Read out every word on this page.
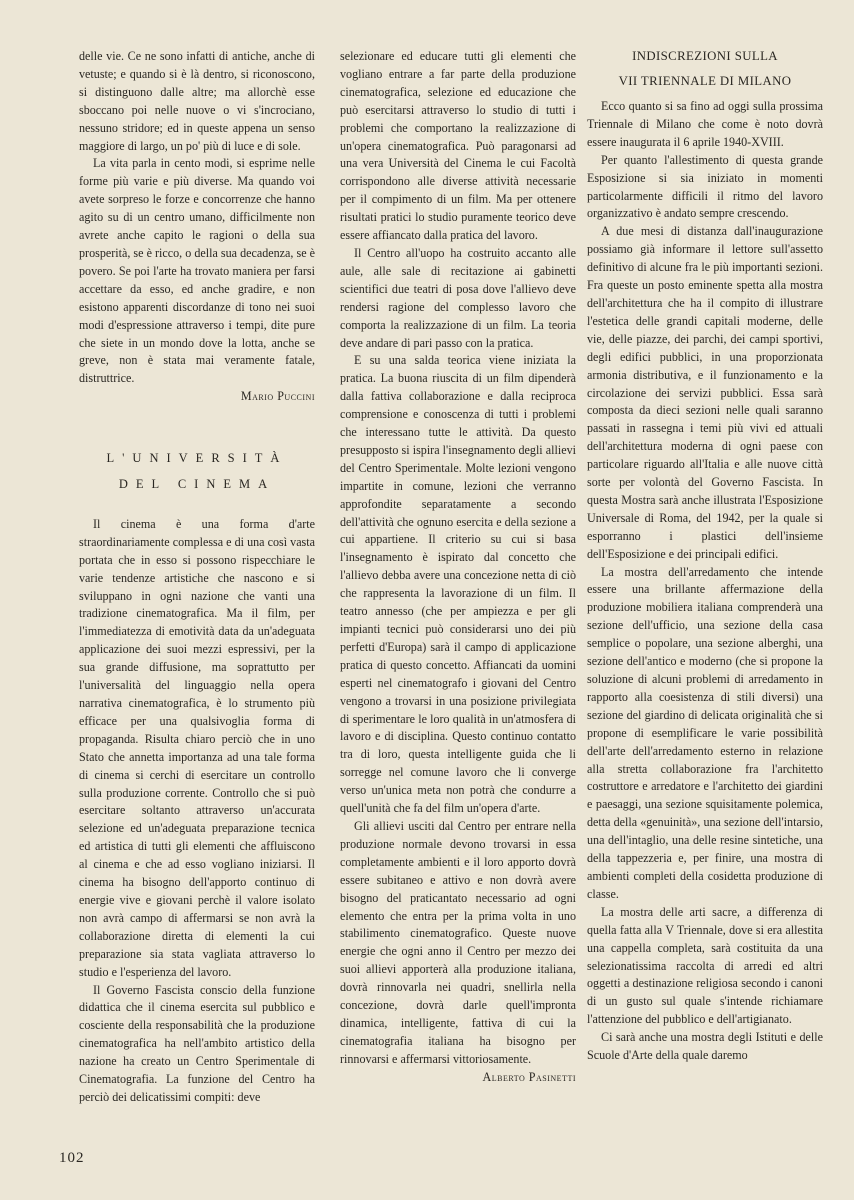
delle vie. Ce ne sono infatti di antiche, anche di vetuste; e quando si è là dentro, si riconoscono, si distinguono dalle altre; ma allorchè esse sboccano poi nelle nuove o vi s'incrociano, nessuno stridore; ed in queste appena un senso maggiore di largo, un po' più di luce e di sole.

La vita parla in cento modi, si esprime nelle forme più varie e più diverse. Ma quando voi avete sorpreso le forze e concorrenze che hanno agito su di un centro umano, difficilmente non avrete anche capito le ragioni o della sua prosperità, se è ricco, o della sua decadenza, se è povero. Se poi l'arte ha trovato maniera per farsi accettare da esso, ed anche gradire, e non esistono apparenti discordanze di tono nei suoi modi d'espressione attraverso i tempi, dite pure che siete in un mondo dove la lotta, anche se greve, non è stata mai veramente fatale, distruttrice.

Mario Puccini

L'UNIVERSITÀ
DEL CINEMA

Il cinema è una forma d'arte straordinariamente complessa e di una così vasta portata che in esso si possono rispecchiare le varie tendenze artistiche che nascono e si sviluppano in ogni nazione che vanti una tradizione cinematografica. Ma il film, per l'immediatezza di emotività data da un'adeguata applicazione dei suoi mezzi espressivi, per la sua grande diffusione, ma soprattutto per l'universalità del linguaggio nella opera narrativa cinematografica, è lo strumento più efficace per una qualsivoglia forma di propaganda. Risulta chiaro perciò che in uno Stato che annetta importanza ad una tale forma di cinema si cerchi di esercitare un controllo sulla produzione corrente. Controllo che si può esercitare soltanto attraverso un'accurata selezione ed un'adeguata preparazione tecnica ed artistica di tutti gli elementi che affluiscono al cinema e che ad esso vogliano iniziarsi. Il cinema ha bisogno dell'apporto continuo di energie vive e giovani perchè il valore isolato non avrà campo di affermarsi se non avrà la collaborazione diretta di elementi la cui preparazione sia stata vagliata attraverso lo studio e l'esperienza del lavoro.

Il Governo Fascista conscio della funzione didattica che il cinema esercita sul pubblico e cosciente della responsabilità che la produzione cinematografica ha nell'ambito artistico della nazione ha creato un Centro Sperimentale di Cinematografia. La funzione del Centro ha perciò dei delicatissimi compiti: deve

selezionare ed educare tutti gli elementi che vogliano entrare a far parte della produzione cinematografica, selezione ed educazione che può esercitarsi attraverso lo studio di tutti i problemi che comportano la realizzazione di un'opera cinematografica. Può paragonarsi ad una vera Università del Cinema le cui Facoltà corrispondono alle diverse attività necessarie per il compimento di un film. Ma per ottenere risultati pratici lo studio puramente teorico deve essere affiancato dalla pratica del lavoro.

Il Centro all'uopo ha costruito accanto alle aule, alle sale di recitazione ai gabinetti scientifici due teatri di posa dove l'allievo deve rendersi ragione del complesso lavoro che comporta la realizzazione di un film. La teoria deve andare di pari passo con la pratica.

E su una salda teorica viene iniziata la pratica. La buona riuscita di un film dipenderà dalla fattiva collaborazione e dalla reciproca comprensione e conoscenza di tutti i problemi che interessano tutte le attività. Da questo presupposto si ispira l'insegnamento degli allievi del Centro Sperimentale. Molte lezioni vengono impartite in comune, lezioni che verranno approfondite separatamente a secondo dell'attività che ognuno esercita e della sezione a cui appartiene. Il criterio su cui si basa l'insegnamento è ispirato dal concetto che l'allievo debba avere una concezione netta di ciò che rappresenta la lavorazione di un film. Il teatro annesso (che per ampiezza e per gli impianti tecnici può considerarsi uno dei più perfetti d'Europa) sarà il campo di applicazione pratica di questo concetto. Affiancati da uomini esperti nel cinematografo i giovani del Centro vengono a trovarsi in una posizione privilegiata di sperimentare le loro qualità in un'atmosfera di lavoro e di disciplina. Questo continuo contatto tra di loro, questa intelligente guida che li sorregge nel comune lavoro che li converge verso un'unica meta non potrà che condurre a quell'unità che fa del film un'opera d'arte.

Gli allievi usciti dal Centro per entrare nella produzione normale devono trovarsi in essa completamente ambienti e il loro apporto dovrà essere subitaneo e attivo e non dovrà avere bisogno del praticantato necessario ad ogni elemento che entra per la prima volta in uno stabilimento cinematografico. Queste nuove energie che ogni anno il Centro per mezzo dei suoi allievi apporterà alla produzione italiana, dovrà rinnovarla nei quadri, snellirla nella concezione, dovrà darle quell'impronta dinamica, intelligente, fattiva di cui la cinematografia italiana ha bisogno per rinnovarsi e affermarsi vittoriosamente.

Alberto Pasinetti

INDISCREZIONI SULLA
VII TRIENNALE DI MILANO

Ecco quanto si sa fino ad oggi sulla prossima Triennale di Milano che come è noto dovrà essere inaugurata il 6 aprile 1940-XVIII.

Per quanto l'allestimento di questa grande Esposizione si sia iniziato in momenti particolarmente difficili il ritmo del lavoro organizzativo è andato sempre crescendo.

A due mesi di distanza dall'inaugurazione possiamo già informare il lettore sull'assetto definitivo di alcune fra le più importanti sezioni. Fra queste un posto eminente spetta alla mostra dell'architettura che ha il compito di illustrare l'estetica delle grandi capitali moderne, delle vie, delle piazze, dei parchi, dei campi sportivi, degli edifici pubblici, in una proporzionata armonia distributiva, e il funzionamento e la circolazione dei servizi pubblici. Essa sarà composta da dieci sezioni nelle quali saranno passati in rassegna i temi più vivi ed attuali dell'architettura moderna di ogni paese con particolare riguardo all'Italia e alle nuove città sorte per volontà del Governo Fascista. In questa Mostra sarà anche illustrata l'Esposizione Universale di Roma, del 1942, per la quale si esporranno i plastici dell'insieme dell'Esposizione e dei principali edifici.

La mostra dell'arredamento che intende essere una brillante affermazione della produzione mobiliera italiana comprenderà una sezione dell'ufficio, una sezione della casa semplice o popolare, una sezione alberghi, una sezione dell'antico e moderno (che si propone la soluzione di alcuni problemi di arredamento in rapporto alla coesistenza di stili diversi) una sezione del giardino di delicata originalità che si propone di esemplificare le varie possibilità dell'arte dell'arredamento esterno in relazione alla stretta collaborazione fra l'architetto costruttore e arredatore e l'architetto dei giardini e paesaggi, una sezione squisitamente polemica, detta della «genuinità», una sezione dell'intarsio, una dell'intaglio, una delle resine sintetiche, una della tappezzeria e, per finire, una mostra di ambienti completi della cosidetta produzione di classe.

La mostra delle arti sacre, a differenza di quella fatta alla V Triennale, dove si era allestita una cappella completa, sarà costituita da una selezionatissima raccolta di arredi ed altri oggetti a destinazione religiosa secondo i canoni di un gusto sul quale s'intende richiamare l'attenzione del pubblico e dell'artigianato.

Ci sarà anche una mostra degli Istituti e delle Scuole d'Arte della quale daremo

102
